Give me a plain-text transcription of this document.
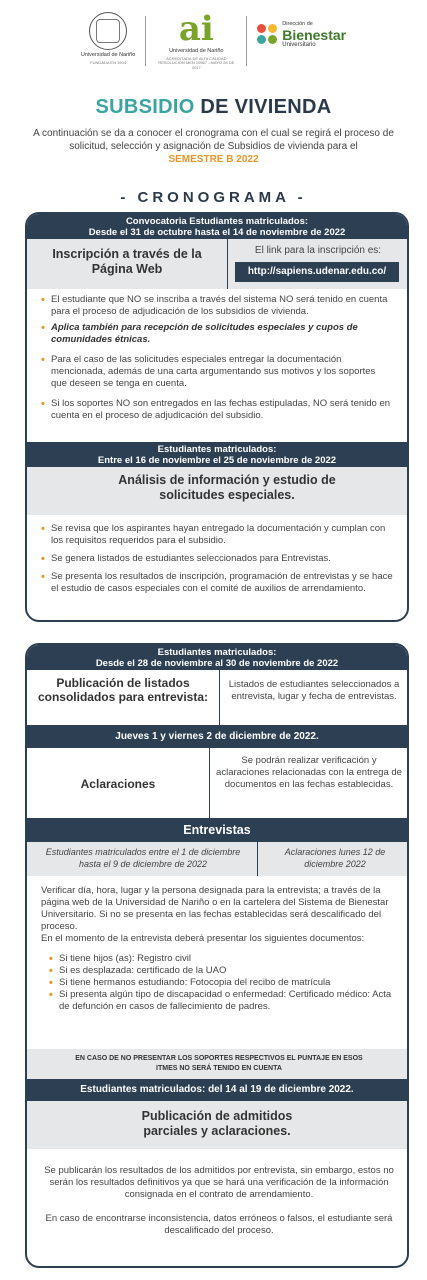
Universidad de Nariño
FUNDADA EN 1904
ai
Universidad de Nariño
ACREDITADA DE ALTA CALIDAD RESOLUCIÓN MEN 10567 - MAYO 28 DE 2017
Dirección de
Bienestar
Universitario
SUBSIDIO DE VIVIENDA
A continuación se da a conocer el cronograma con el cual se regirá el proceso de solicitud, selección y asignación de Subsidios de vivienda para el
SEMESTRE B 2022
- CRONOGRAMA -
Convocatoria Estudiantes matriculados:
Desde el 31 de octubre hasta el 14 de noviembre de 2022
Inscripción a través de la Página Web
El link para la inscripción es:
http://sapiens.udenar.edu.co/
• El estudiante que NO se inscriba a través del sistema NO será tenido en cuenta para el proceso de adjudicación de los subsidios de vivienda.
• Aplica también para recepción de solicitudes especiales y cupos de comunidades étnicas.
• Para el caso de las solicitudes especiales entregar la documentación mencionada, además de una carta argumentando sus motivos y los soportes que deseen se tenga en cuenta.
• Si los soportes NO son entregados en las fechas estipuladas, NO será tenido en cuenta en el proceso de adjudicación del subsidio.
Estudiantes matriculados:
Entre el 16 de noviembre el 25 de noviembre de 2022
Análisis de información y estudio de solicitudes especiales.
• Se revisa que los aspirantes hayan entregado la documentación y cumplan con los requisitos requeridos para el subsidio.
• Se genera listados de estudiantes seleccionados para Entrevistas.
• Se presenta los resultados de inscripción, programación de entrevistas y se hace el estudio de casos especiales con el comité de auxilios de arrendamiento.
Estudiantes matriculados:
Desde el 28 de noviembre al 30 de noviembre de 2022
Publicación de listados consolidados para entrevista:
Listados de estudiantes seleccionados a entrevista, lugar y fecha de entrevistas.
Jueves 1 y viernes 2 de diciembre de 2022.
Aclaraciones
Se podrán realizar verificación y aclaraciones relacionadas con la entrega de documentos en las fechas establecidas.
Entrevistas
Estudiantes matriculados entre el 1 de diciembre hasta el 9 de diciembre de 2022
Aclaraciones lunes 12 de diciembre 2022
Verificar día, hora, lugar y la persona designada para la entrevista; a través de la página web de la Universidad de Nariño o en la cartelera del Sistema de Bienestar Universitario. Si no se presenta en las fechas establecidas será descalificado del proceso.
En el momento de la entrevista deberá presentar los siguientes documentos:
• Si tiene hijos (as): Registro civil
• Si es desplazada: certificado de la UAO
• Si tiene hermanos estudiando: Fotocopia del recibo de matrícula
• Si presenta algún tipo de discapacidad o enfermedad: Certificado médico: Acta de defunción en casos de fallecimiento de padres.
EN CASO DE NO PRESENTAR LOS SOPORTES RESPECTIVOS EL PUNTAJE EN ESOS
ITMES NO SERÁ TENIDO EN CUENTA
Estudiantes matriculados: del 14 al 19 de diciembre 2022.
Publicación de admitidos parciales y aclaraciones.
Se publicarán los resultados de los admitidos por entrevista, sin embargo, estos no serán los resultados definitivos ya que se hará una verificación de la información consignada en el contrato de arrendamiento.
En caso de encontrarse inconsistencia, datos erróneos o falsos, el estudiante será descalificado del proceso.
